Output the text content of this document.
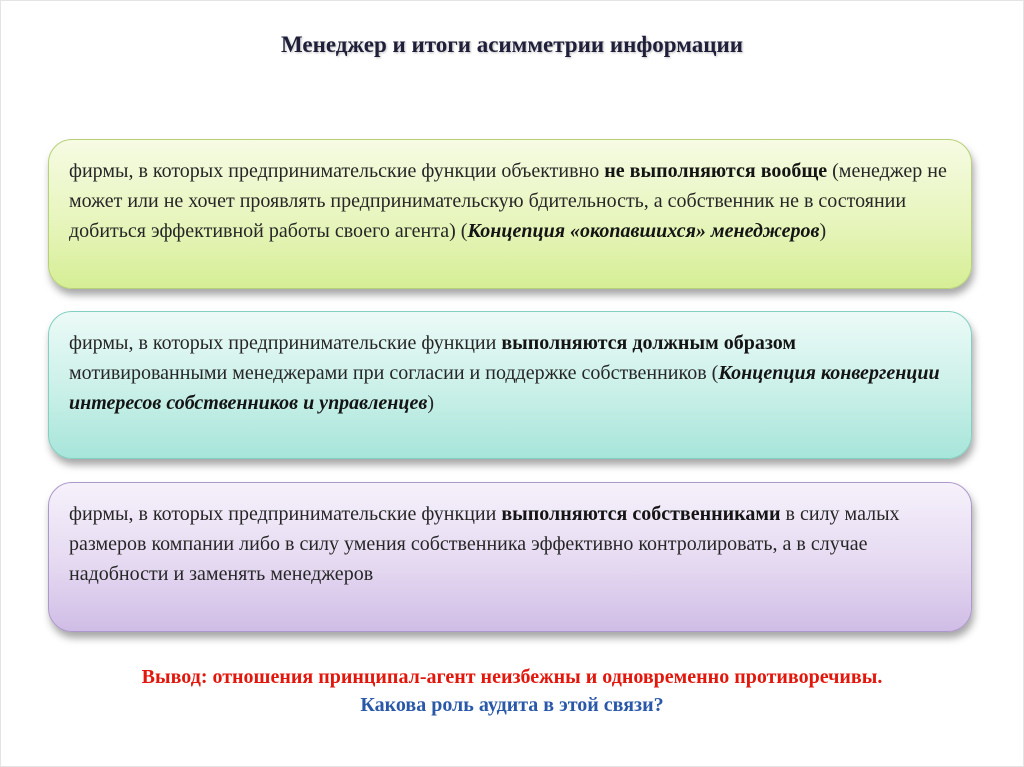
Менеджер и итоги асимметрии информации
фирмы, в которых предпринимательские функции объективно не выполняются вообще (менеджер не может или не хочет проявлять предпринимательскую бдительность, а собственник не в состоянии добиться эффективной работы своего агента) (Концепция «окопавшихся» менеджеров)
фирмы, в которых предпринимательские функции выполняются должным образом мотивированными менеджерами при согласии и поддержке собственников (Концепция конвергенции интересов собственников и управленцев)
фирмы, в которых предпринимательские функции выполняются собственниками в силу малых размеров компании либо в силу умения собственника эффективно контролировать, а в случае надобности и заменять менеджеров
Вывод: отношения принципал-агент неизбежны и одновременно противоречивы.
Какова роль аудита в этой связи?
